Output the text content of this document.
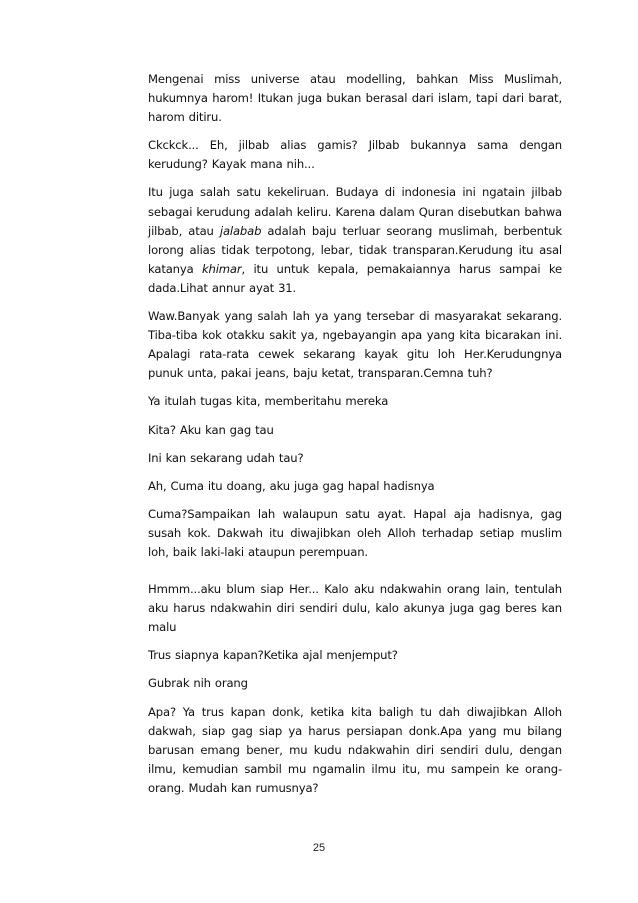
Mengenai miss universe atau modelling, bahkan Miss Muslimah, hukumnya harom! Itukan juga bukan berasal dari islam, tapi dari barat, harom ditiru.

Ckckck... Eh, jilbab alias gamis? Jilbab bukannya sama dengan kerudung? Kayak mana nih...

Itu juga salah satu kekeliruan. Budaya di indonesia ini ngatain jilbab sebagai kerudung adalah keliru. Karena dalam Quran disebutkan bahwa jilbab, atau jalabab adalah baju terluar seorang muslimah, berbentuk lorong alias tidak terpotong, lebar, tidak transparan.Kerudung itu asal katanya khimar, itu untuk kepala, pemakaiannya harus sampai ke dada.Lihat annur ayat 31.

Waw.Banyak yang salah lah ya yang tersebar di masyarakat sekarang. Tiba-tiba kok otakku sakit ya, ngebayangin apa yang kita bicarakan ini. Apalagi rata-rata cewek sekarang kayak gitu loh Her.Kerudungnya punuk unta, pakai jeans, baju ketat, transparan.Cemna tuh?

Ya itulah tugas kita, memberitahu mereka

Kita? Aku kan gag tau

Ini kan sekarang udah tau?

Ah, Cuma itu doang, aku juga gag hapal hadisnya

Cuma?Sampaikan lah walaupun satu ayat. Hapal aja hadisnya, gag susah kok. Dakwah itu diwajibkan oleh Alloh terhadap setiap muslim loh, baik laki-laki ataupun perempuan.

Hmmm...aku blum siap Her... Kalo aku ndakwahin orang lain, tentulah aku harus ndakwahin diri sendiri dulu, kalo akunya juga gag beres kan malu

Trus siapnya kapan?Ketika ajal menjemput?

Gubrak nih orang

Apa? Ya trus kapan donk, ketika kita baligh tu dah diwajibkan Alloh dakwah, siap gag siap ya harus persiapan donk.Apa yang mu bilang barusan emang bener, mu kudu ndakwahin diri sendiri dulu, dengan ilmu, kemudian sambil mu ngamalin ilmu itu, mu sampein ke orang-orang. Mudah kan rumusnya?

25
